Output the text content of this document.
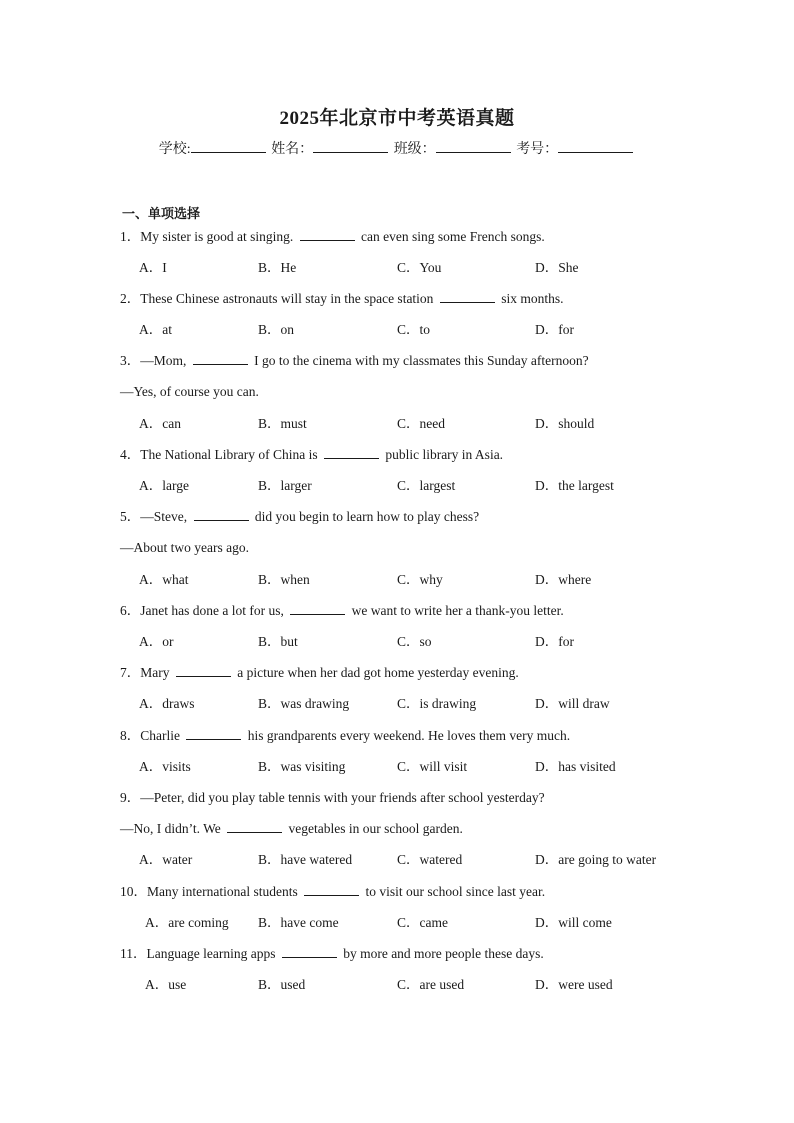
2025年北京市中考英语真题
学校:	姓名：	班级：	考号：
一、单项选择
1．My sister is good at singing.	can even sing some French songs.
A．I	B．He	C．You	D．She
2．These Chinese astronauts will stay in the space station	six months.
A．at	B．on	C．to	D．for
3．—Mom,	I go to the cinema with my classmates this Sunday afternoon?
—Yes, of course you can.
A．can	B．must	C．need	D．should
4．The National Library of China is	public library in Asia.
A．large	B．larger	C．largest	D．the largest
5．—Steve,	did you begin to learn how to play chess?
—About two years ago.
A．what	B．when	C．why	D．where
6．Janet has done a lot for us,	we want to write her a thank-you letter.
A．or	B．but	C．so	D．for
7．Mary	a picture when her dad got home yesterday evening.
A．draws	B．was drawing	C．is drawing	D．will draw
8．Charlie	his grandparents every weekend. He loves them very much.
A．visits	B．was visiting	C．will visit	D．has visited
9．—Peter, did you play table tennis with your friends after school yesterday?
—No, I didn’t. We	vegetables in our school garden.
A．water	B．have watered	C．watered	D．are going to water
10．Many international students	to visit our school since last year.
A．are coming B．have come	C．came	D．will come
11．Language learning apps	by more and more people these days.
A．use	B．used	C．are used	D．were used
